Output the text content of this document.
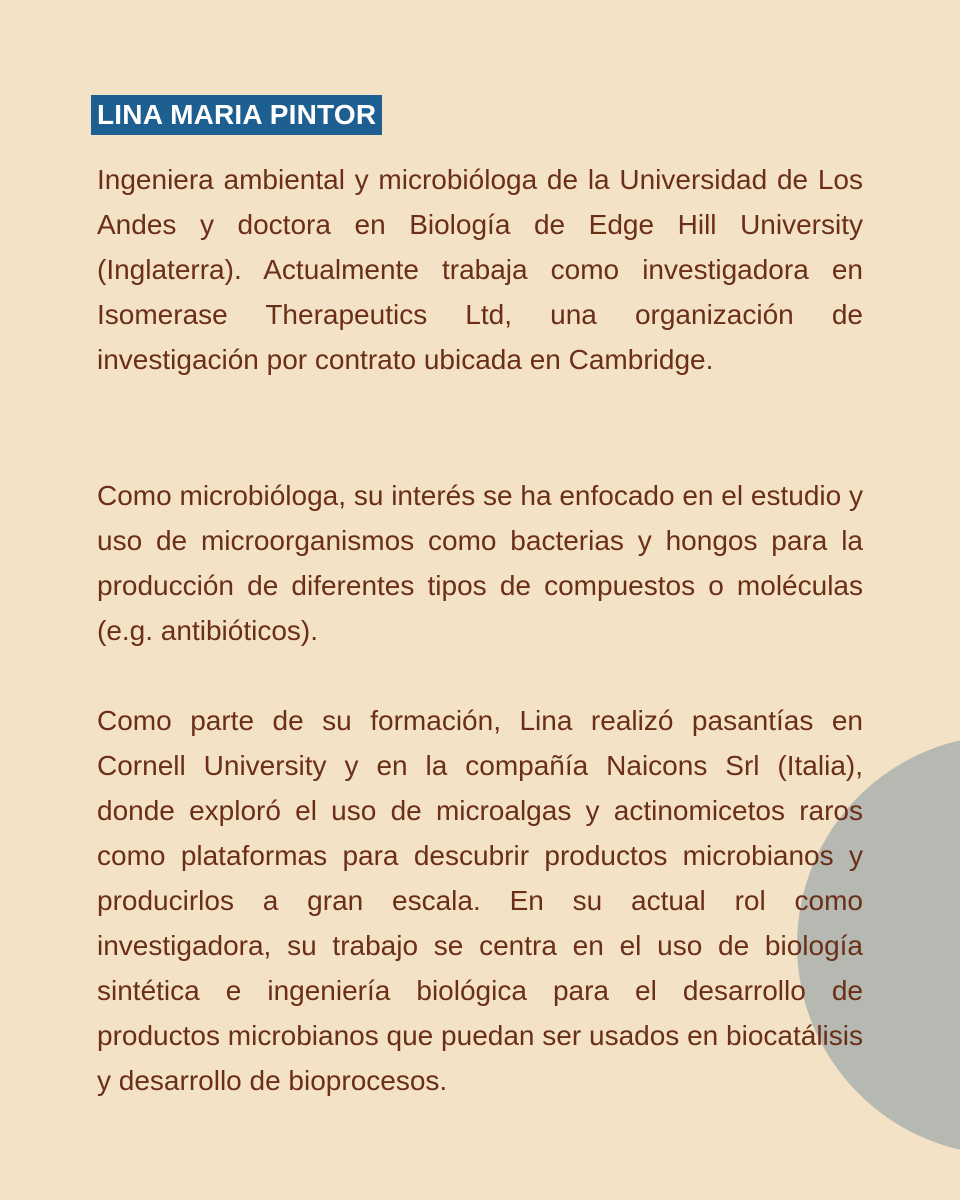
LINA MARIA PINTOR

Ingeniera ambiental y microbióloga de la Universidad de Los Andes y doctora en Biología de Edge Hill University (Inglaterra). Actualmente trabaja como investigadora en Isomerase Therapeutics Ltd, una organización de investigación por contrato ubicada en Cambridge.

Como microbióloga, su interés se ha enfocado en el estudio y uso de microorganismos como bacterias y hongos para la producción de diferentes tipos de compuestos o moléculas (e.g. antibióticos).

Como parte de su formación, Lina realizó pasantías en Cornell University y en la compañía Naicons Srl (Italia), donde exploró el uso de microalgas y actinomicetos raros como plataformas para descubrir productos microbianos y producirlos a gran escala. En su actual rol como investigadora, su trabajo se centra en el uso de biología sintética e ingeniería biológica para el desarrollo de productos microbianos que puedan ser usados en biocatálisis y desarrollo de bioprocesos.
